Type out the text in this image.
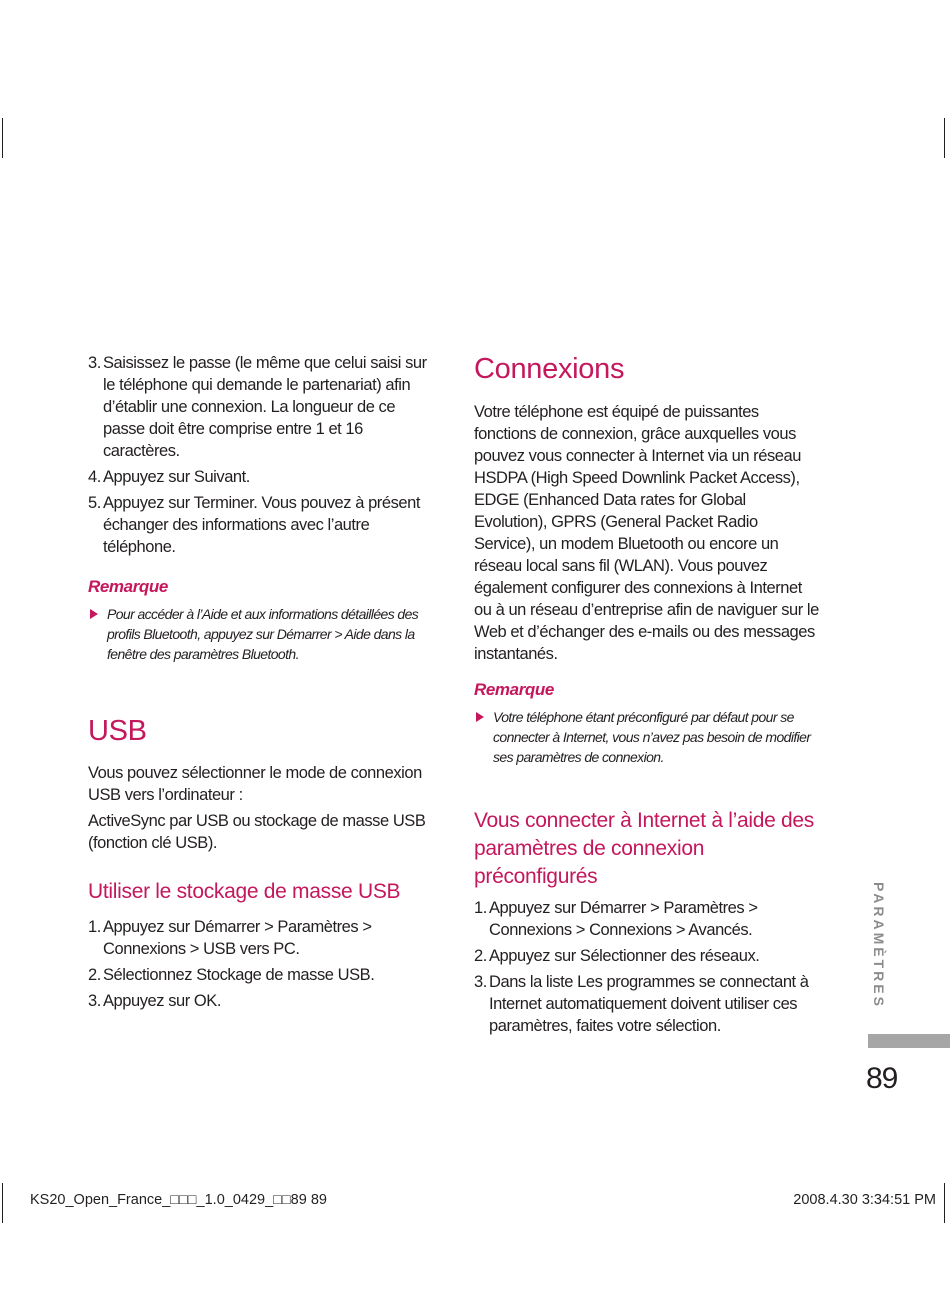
3. Saisissez le passe (le même que celui saisi sur le téléphone qui demande le partenariat) afin d’établir une connexion. La longueur de ce passe doit être comprise entre 1 et 16 caractères.
4. Appuyez sur Suivant.
5. Appuyez sur Terminer. Vous pouvez à présent échanger des informations avec l’autre téléphone.
Remarque
Pour accéder à l’Aide et aux informations détaillées des profils Bluetooth, appuyez sur Démarrer > Aide dans la fenêtre des paramètres Bluetooth.
USB

Vous pouvez sélectionner le mode de connexion USB vers l’ordinateur :

ActiveSync par USB ou stockage de masse USB (fonction clé USB).

Utiliser le stockage de masse USB
1. Appuyez sur Démarrer > Paramètres > Connexions > USB vers PC.
2. Sélectionnez Stockage de masse USB.
3. Appuyez sur OK.
Connexions

Votre téléphone est équipé de puissantes fonctions de connexion, grâce auxquelles vous pouvez vous connecter à Internet via un réseau HSDPA (High Speed Downlink Packet Access), EDGE (Enhanced Data rates for Global Evolution), GPRS (General Packet Radio Service), un modem Bluetooth ou encore un réseau local sans fil (WLAN). Vous pouvez également configurer des connexions à Internet ou à un réseau d’entreprise afin de naviguer sur le Web et d’échanger des e-mails ou des messages instantanés.

Remarque
Votre téléphone étant préconfiguré par défaut pour se connecter à Internet, vous n’avez pas besoin de modifier ses paramètres de connexion.
Vous connecter à Internet à l’aide des paramètres de connexion préconfigurés
1. Appuyez sur Démarrer > Paramètres > Connexions > Connexions > Avancés.
2. Appuyez sur Sélectionner des réseaux.
3. Dans la liste Les programmes se connectant à Internet automatiquement doivent utiliser ces paramètres, faites votre sélection.
PARAMÈTRES
89
KS20_Open_France_□□□_1.0_0429_□□89 89	2008.4.30 3:34:51 PM
